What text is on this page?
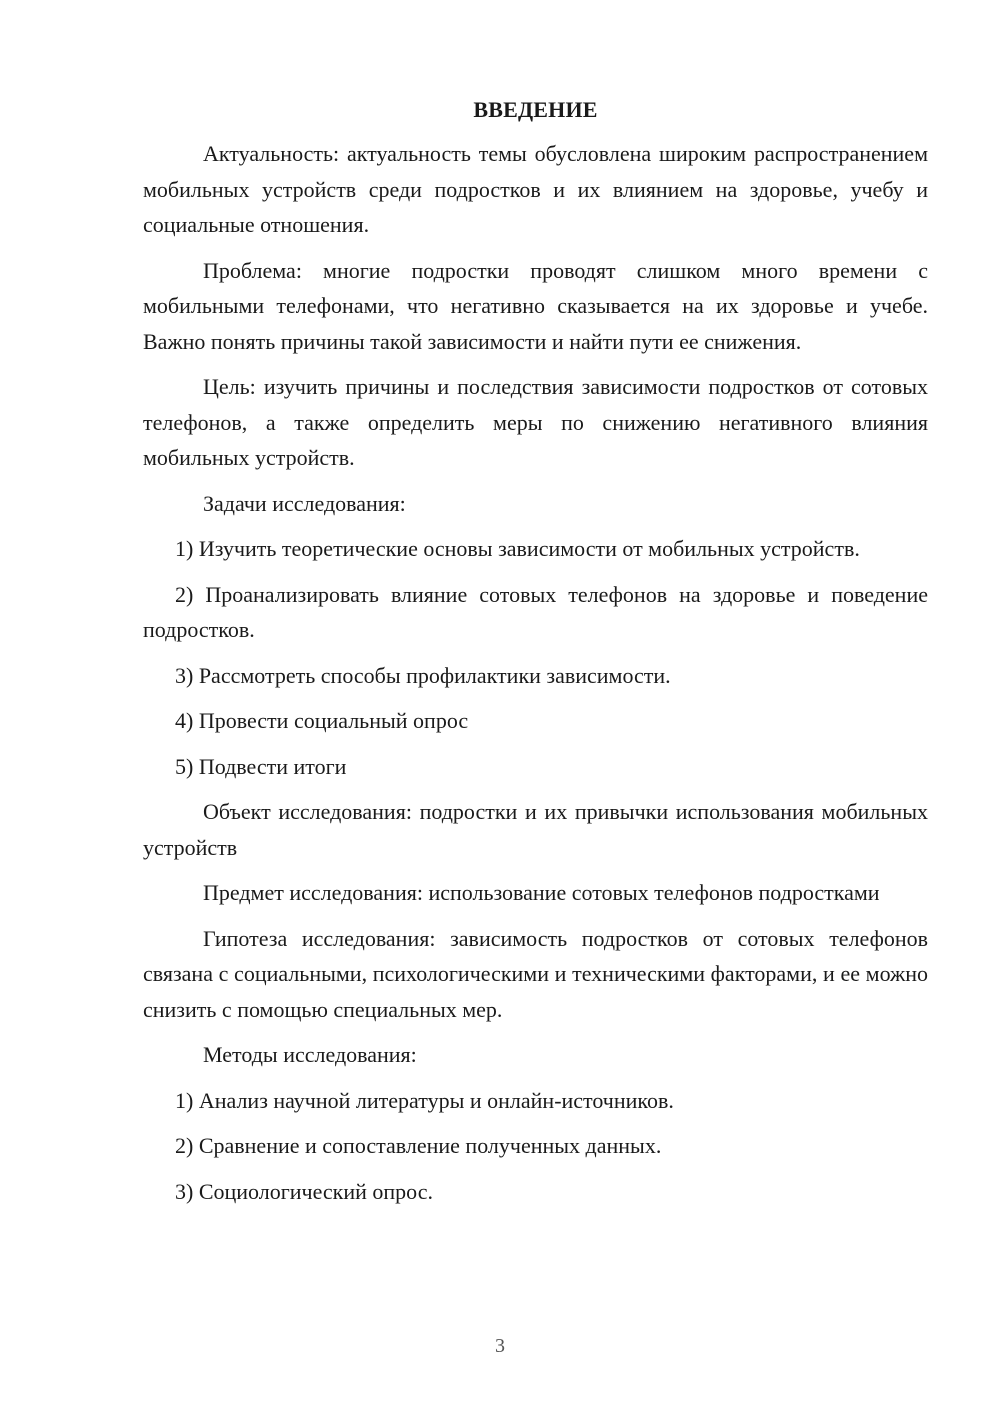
ВВЕДЕНИЕ

Актуальность: актуальность темы обусловлена широким распространением мобильных устройств среди подростков и их влиянием на здоровье, учебу и социальные отношения.

Проблема: многие подростки проводят слишком много времени с мобильными телефонами, что негативно сказывается на их здоровье и учебе. Важно понять причины такой зависимости и найти пути ее снижения.

Цель: изучить причины и последствия зависимости подростков от сотовых телефонов, а также определить меры по снижению негативного влияния мобильных устройств.

Задачи исследования:

1) Изучить теоретические основы зависимости от мобильных устройств.

2) Проанализировать влияние сотовых телефонов на здоровье и поведение подростков.

3) Рассмотреть способы профилактики зависимости.

4) Провести социальный опрос

5) Подвести итоги

Объект исследования: подростки и их привычки использования мобильных устройств

Предмет исследования: использование сотовых телефонов подростками

Гипотеза исследования: зависимость подростков от сотовых телефонов связана с социальными, психологическими и техническими факторами, и ее можно снизить с помощью специальных мер.

Методы исследования:

1) Анализ научной литературы и онлайн-источников.

2) Сравнение и сопоставление полученных данных.

3) Социологический опрос.

3
